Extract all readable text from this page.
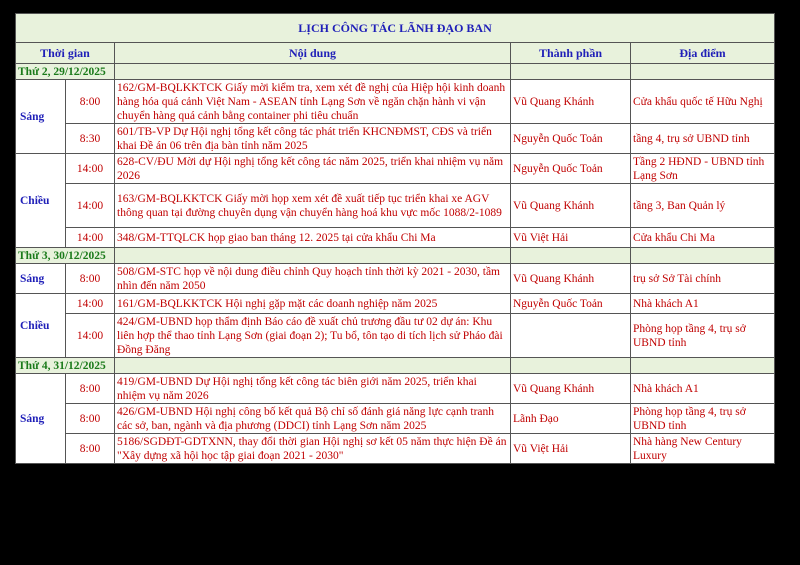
LỊCH CÔNG TÁC LÃNH ĐẠO BAN				
Thời gian		Nội dung	Thành phần	Địa điểm
Thứ 2, 29/12/2025				
Sáng	8:00	162/GM-BQLKKTCK Giấy mời kiểm tra, xem xét đề nghị của Hiệp hội kinh doanh hàng hóa quá cảnh Việt Nam - ASEAN tỉnh Lạng Sơn về ngăn chặn hành vi vận chuyển hàng quá cảnh bằng container phi tiêu chuẩn	Vũ Quang Khánh	Cửa khẩu quốc tế Hữu Nghị
	8:30	601/TB-VP Dự Hội nghị tổng kết công tác phát triển KHCNĐMST, CĐS và triển khai Đề án 06 trên địa bàn tỉnh năm 2025	Nguyễn Quốc Toản	tầng 4, trụ sở UBND tỉnh
Chiều	14:00	628-CV/ĐU Mời dự Hội nghị tổng kết công tác năm 2025, triển khai nhiệm vụ năm 2026	Nguyễn Quốc Toản	Tầng 2 HĐND - UBND tỉnh Lạng Sơn
	14:00	163/GM-BQLKKTCK Giấy mời họp xem xét đề xuất tiếp tục triển khai xe AGV thông quan tại đường chuyên dụng vận chuyển hàng hoá khu vực mốc 1088/2-1089	Vũ Quang Khánh	tầng 3, Ban Quản lý
	14:00	348/GM-TTQLCK họp giao ban tháng 12. 2025 tại cửa khẩu Chi Ma	Vũ Việt Hải	Cửa khẩu Chi Ma
Thứ 3, 30/12/2025				
Sáng	8:00	508/GM-STC họp về nội dung điều chỉnh Quy hoạch tỉnh thời kỳ 2021 - 2030, tầm nhìn đến năm 2050	Vũ Quang Khánh	trụ sở Sở Tài chính
Chiều	14:00	161/GM-BQLKKTCK Hội nghị gặp mặt các doanh nghiệp năm 2025	Nguyễn Quốc Toản	Nhà khách A1
	14:00	424/GM-UBND họp thẩm định Báo cáo đề xuất chủ trương đầu tư 02 dự án: Khu liên hợp thể thao tỉnh Lạng Sơn (giai đoạn 2); Tu bổ, tôn tạo di tích lịch sử Pháo đài Đồng Đăng		Phòng họp tầng 4, trụ sở UBND tỉnh
Thứ 4, 31/12/2025				
Sáng	8:00	419/GM-UBND Dự Hội nghị tổng kết công tác biên giới năm 2025, triển khai nhiệm vụ năm 2026	Vũ Quang Khánh	Nhà khách A1
	8:00	426/GM-UBND Hội nghị công bố kết quả Bộ chỉ số đánh giá năng lực cạnh tranh các sở, ban, ngành và địa phương (DDCI) tỉnh Lạng Sơn năm 2025	Lãnh Đạo	Phòng họp tầng 4, trụ sở UBND tỉnh
	8:00	5186/SGDĐT-GDTXNN, thay đổi thời gian Hội nghị sơ kết 05 năm thực hiện Đề án "Xây dựng xã hội học tập giai đoạn 2021 - 2030"	Vũ Việt Hải	Nhà hàng New Century Luxury
